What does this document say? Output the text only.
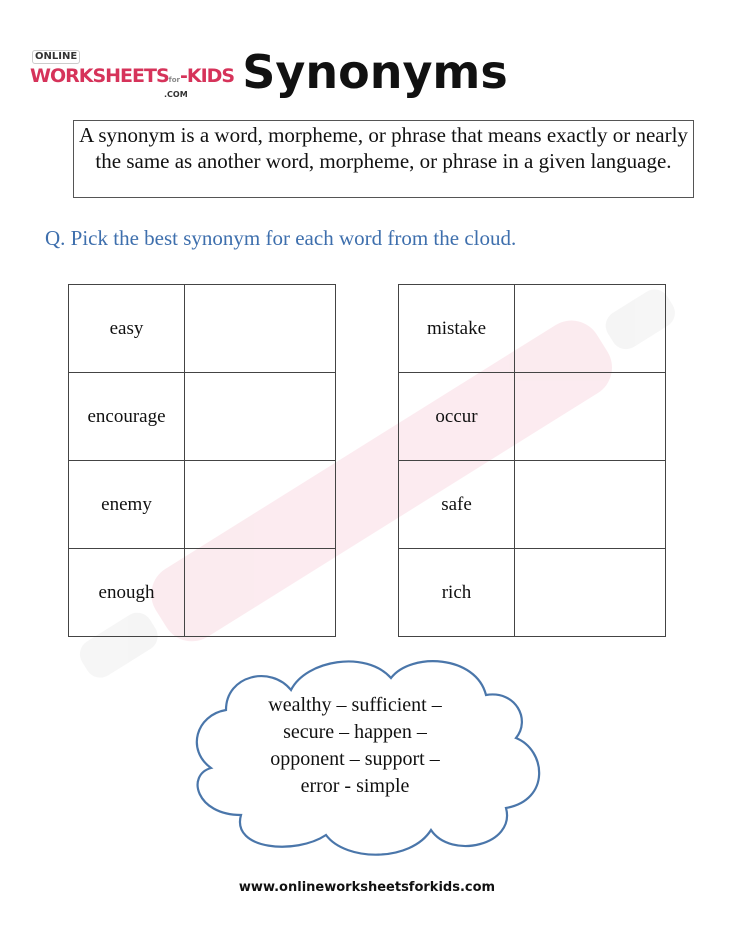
ONLINE
WORKSHEETSfor-KIDS
.COM	Synonyms
A synonym is a word, morpheme, or phrase that means exactly or nearly the same as another word, morpheme, or phrase in a given language.
Q. Pick the best synonym for each word from the cloud.
easy	
encourage	
enemy	
enough	
mistake	
occur	
safe	
rich	
wealthy – sufficient –
secure – happen –
opponent – support –
error - simple
www.onlineworksheetsforkids.com
